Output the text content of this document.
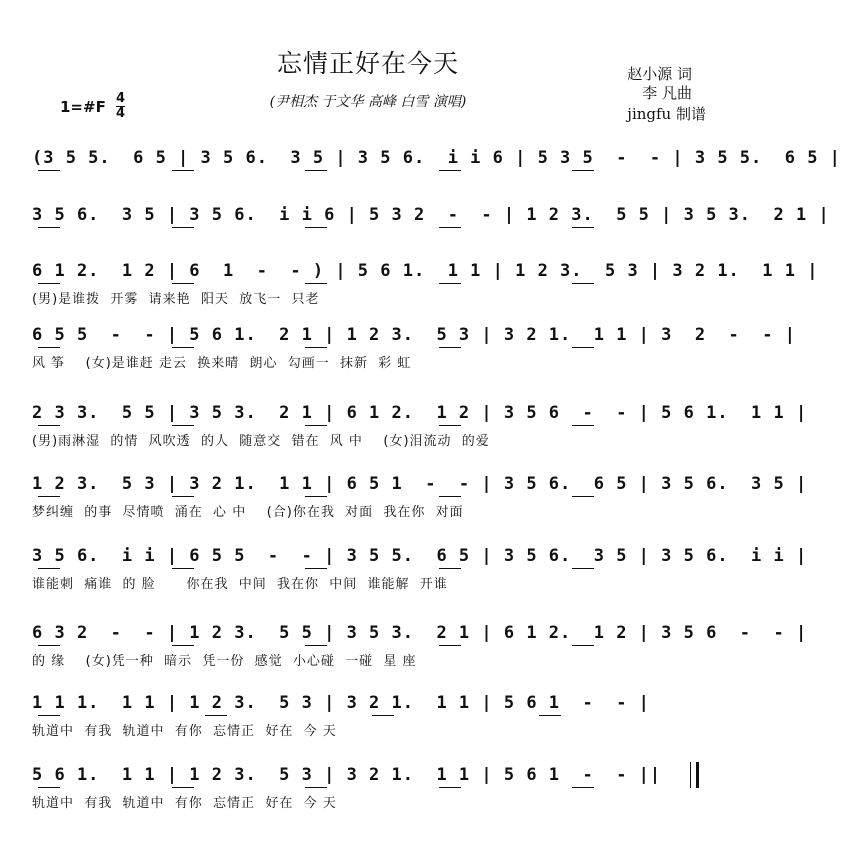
忘情正好在今天
(尹相杰 于文华 高峰 白雪 演唱)
赵小源 词
李 凡曲
jingfu 制谱
1=#F 4
4
(3 5 5.  6 5 | 3 5 6.  3 5 | 3 5 6.  i i 6 | 5 3 5  -  - | 3 5 5.  6 5 |
3 5 6.  3 5 | 3 5 6.  i i 6 | 5 3 2  -  - | 1 2 3.  5 5 | 3 5 3.  2 1 |
6 1 2.  1 2 | 6  1  -  - ) | 5 6 1.  1 1 | 1 2 3.  5 3 | 3 2 1.  1 1 |
(男)是谁拨  开雾  请来艳  阳天  放飞一  只老
6 5 5  -  - | 5 6 1.  2 1 | 1 2 3.  5 3 | 3 2 1.  1 1 | 3  2  -  - |
风 筝    (女)是谁赶 走云  换来晴  朗心  勾画一  抹新  彩 虹
2 3 3.  5 5 | 3 5 3.  2 1 | 6 1 2.  1 2 | 3 5 6  -  - | 5 6 1.  1 1 |
(男)雨淋湿  的情  风吹透  的人  随意交  错在  风 中    (女)泪流动  的爱
1 2 3.  5 3 | 3 2 1.  1 1 | 6 5 1  -  - | 3 5 6.  6 5 | 3 5 6.  3 5 |
梦纠缠  的事  尽情喷  涌在  心 中    (合)你在我  对面  我在你  对面
3 5 6.  i i | 6 5 5  -  - | 3 5 5.  6 5 | 3 5 6.  3 5 | 3 5 6.  i i |
谁能刺  痛谁  的 脸      你在我  中间  我在你  中间  谁能解  开谁
6 3 2  -  - | 1 2 3.  5 5 | 3 5 3.  2 1 | 6 1 2.  1 2 | 3 5 6  -  - |
的 缘    (女)凭一种  暗示  凭一份  感觉  小心碰  一碰  星 座
1 1 1.  1 1 | 1 2 3.  5 3 | 3 2 1.  1 1 | 5 6 1  -  - |
轨道中  有我  轨道中  有你  忘情正  好在  今 天
5 6 1.  1 1 | 1 2 3.  5 3 | 3 2 1.  1 1 | 5 6 1  -  - ||
轨道中  有我  轨道中  有你  忘情正  好在  今 天
